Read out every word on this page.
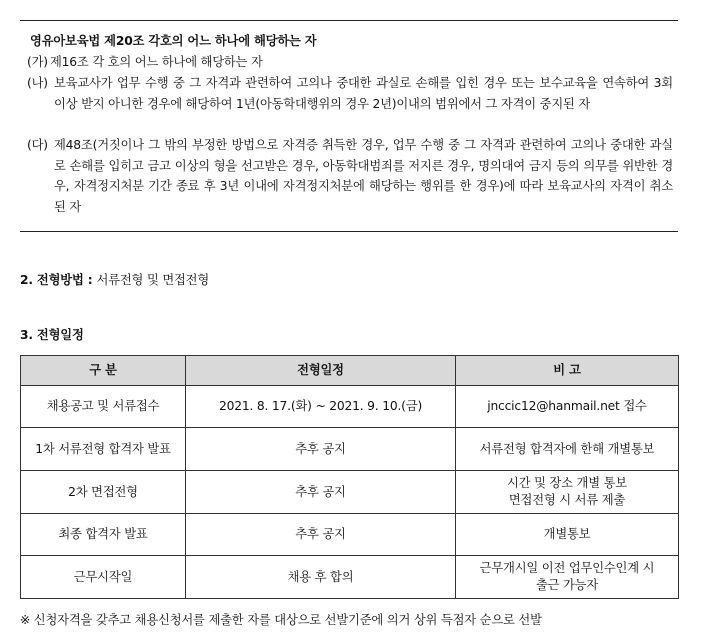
영유아보육법 제20조 각호의 어느 하나에 해당하는 자
(가) 제16조 각 호의 어느 하나에 해당하는 자
(나) 보육교사가 업무 수행 중 그 자격과 관련하여 고의나 중대한 과실로 손해를 입힌 경우 또는 보수교육을 연속하여 3회 이상 받지 아니한 경우에 해당하여 1년(아동학대행위의 경우 2년)이내의 범위에서 그 자격이 중지된 자
(다) 제48조(거짓이나 그 밖의 부정한 방법으로 자격증 취득한 경우, 업무 수행 중 그 자격과 관련하여 고의나 중대한 과실로 손해를 입히고 금고 이상의 형을 선고받은 경우, 아동학대범죄를 저지른 경우, 명의대여 금지 등의 의무를 위반한 경우, 자격정지처분 기간 종료 후 3년 이내에 자격정지처분에 해당하는 행위를 한 경우)에 따라 보육교사의 자격이 취소된 자
2. 전형방법 : 서류전형 및 면접전형
3. 전형일정
구 분	전형일정	비 고
채용공고 및 서류접수	2021. 8. 17.(화) ~ 2021. 9. 10.(금)	jnccic12@hanmail.net 접수

1차 서류전형 합격자 발표	추후 공지	서류전형 합격자에 한해 개별통보

2차 면접전형	추후 공지	시간 및 장소 개별 통보
면접전형 시 서류 제출

최종 합격자 발표	추후 공지	개별통보

근무시작일	채용 후 합의	근무개시일 이전 업무인수인계 시
출근 가능자
※ 신청자격을 갖추고 채용신청서를 제출한 자를 대상으로 선발기준에 의거 상위 득점자 순으로 선발
